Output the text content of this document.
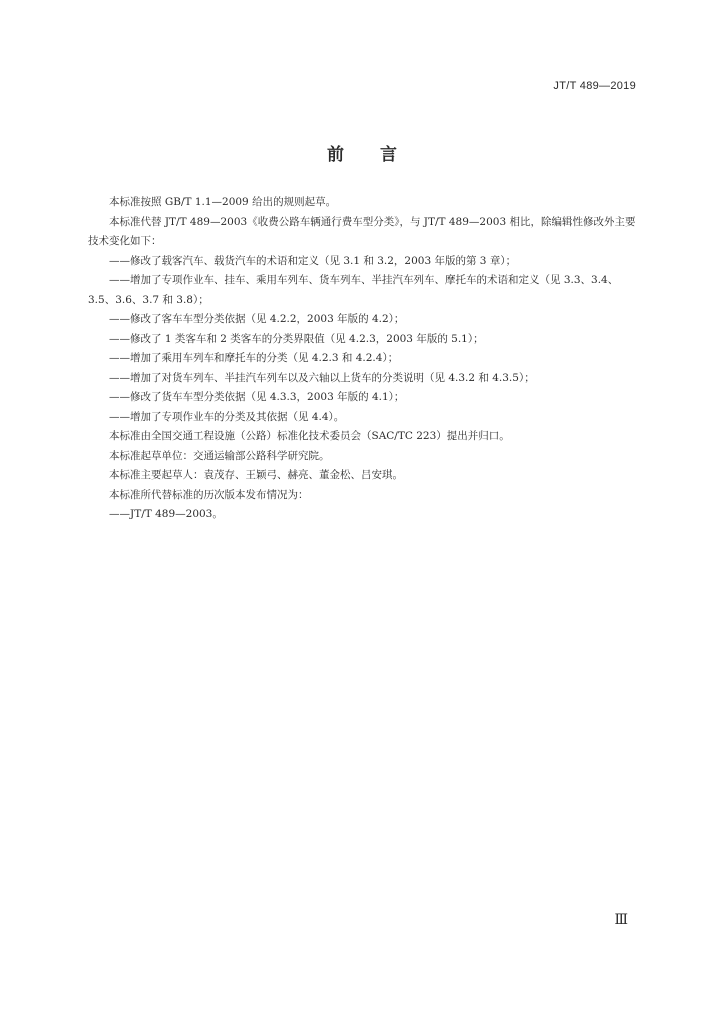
JT/T 489—2019
前 言

本标准按照 GB/T 1.1—2009 给出的规则起草。

本标准代替 JT/T 489—2003《收费公路车辆通行费车型分类》，与 JT/T 489—2003 相比，除编辑性修改外主要技术变化如下：

——修改了载客汽车、载货汽车的术语和定义（见 3.1 和 3.2，2003 年版的第 3 章）；

——增加了专项作业车、挂车、乘用车列车、货车列车、半挂汽车列车、摩托车的术语和定义（见 3.3、3.4、3.5、3.6、3.7 和 3.8）；

——修改了客车车型分类依据（见 4.2.2，2003 年版的 4.2）；

——修改了 1 类客车和 2 类客车的分类界限值（见 4.2.3，2003 年版的 5.1）；

——增加了乘用车列车和摩托车的分类（见 4.2.3 和 4.2.4）；

——增加了对货车列车、半挂汽车列车以及六轴以上货车的分类说明（见 4.3.2 和 4.3.5）；

——修改了货车车型分类依据（见 4.3.3，2003 年版的 4.1）；

——增加了专项作业车的分类及其依据（见 4.4）。

本标准由全国交通工程设施（公路）标准化技术委员会（SAC/TC 223）提出并归口。

本标准起草单位：交通运输部公路科学研究院。

本标准主要起草人：袁茂存、王颖弓、赫亮、董金松、吕安琪。

本标准所代替标准的历次版本发布情况为：

——JT/T 489—2003。

Ⅲ
